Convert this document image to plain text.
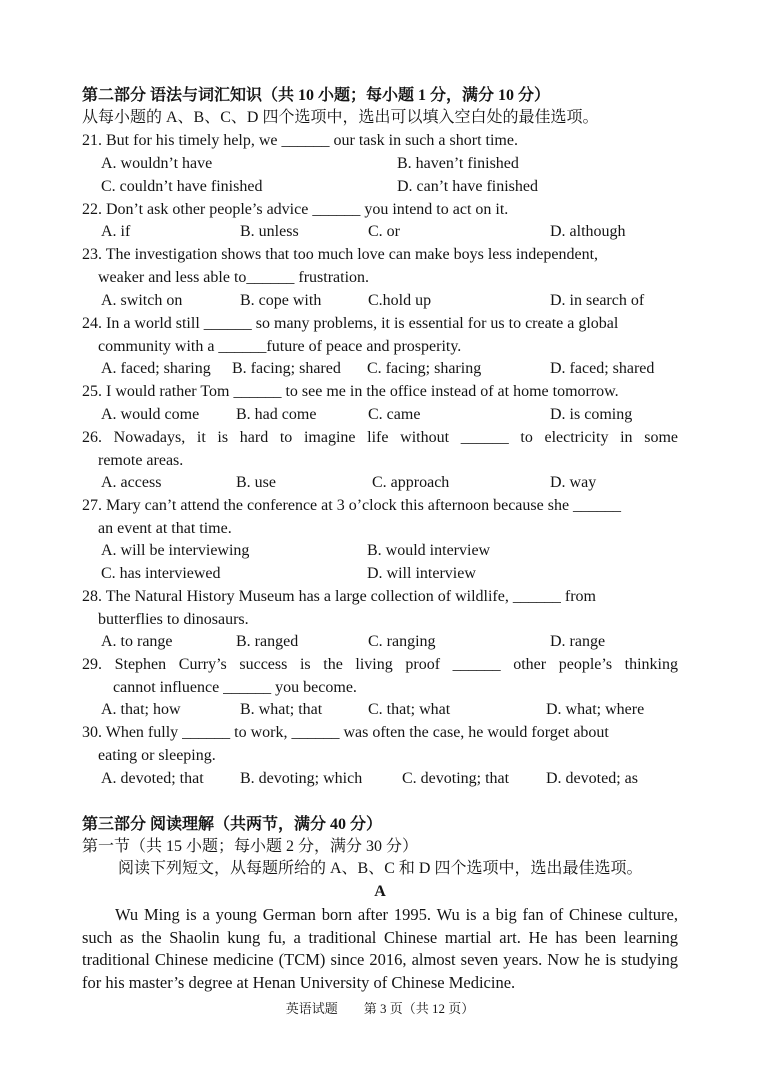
第二部分 语法与词汇知识（共 10 小题；每小题 1 分，满分 10 分）
从每小题的 A、B、C、D 四个选项中，选出可以填入空白处的最佳选项。
21. But for his timely help, we ______ our task in such a short time.
A. wouldn’t have	B. haven’t finished
C. couldn’t have finished	D. can’t have finished
22. Don’t ask other people’s advice ______ you intend to act on it.
A. if	B. unless	C. or	D. although
23. The investigation shows that too much love can make boys less independent,
weaker and less able to______ frustration.
A. switch on	B. cope with	C.hold up	D. in search of
24. In a world still ______ so many problems, it is essential for us to create a global
community with a ______future of peace and prosperity.
A. faced; sharing B. facing; shared C. facing; sharing	D. faced; shared
25. I would rather Tom ______ to see me in the office instead of at home tomorrow.
A. would come B. had come	C. came	D. is coming
26. Nowadays, it is hard to imagine life without ______ to electricity in some
remote areas.
A. access	B. use	C. approach	D. way
27. Mary can’t attend the conference at 3 o’clock this afternoon because she ______
an event at that time.
A. will be interviewing	B. would interview
C. has interviewed	D. will interview
28. The Natural History Museum has a large collection of wildlife, ______ from
butterflies to dinosaurs.
A. to range	B. ranged	C. ranging	D. range
29. Stephen Curry’s success is the living proof ______ other people’s thinking
cannot influence ______ you become.
A. that; how	B. what; that	C. that; what	D. what; where
30. When fully ______ to work, ______ was often the case, he would forget about
eating or sleeping.
A. devoted; that B. devoting; which C. devoting; that D. devoted; as
第三部分 阅读理解（共两节，满分 40 分）
第一节（共 15 小题；每小题 2 分，满分 30 分）
阅读下列短文，从每题所给的 A、B、C 和 D 四个选项中，选出最佳选项。
A
Wu Ming is a young German born after 1995. Wu is a big fan of Chinese culture, such as the Shaolin kung fu, a traditional Chinese martial art. He has been learning traditional Chinese medicine (TCM) since 2016, almost seven years. Now he is studying for his master’s degree at Henan University of Chinese Medicine.
英语试题　　第 3 页（共 12 页）
